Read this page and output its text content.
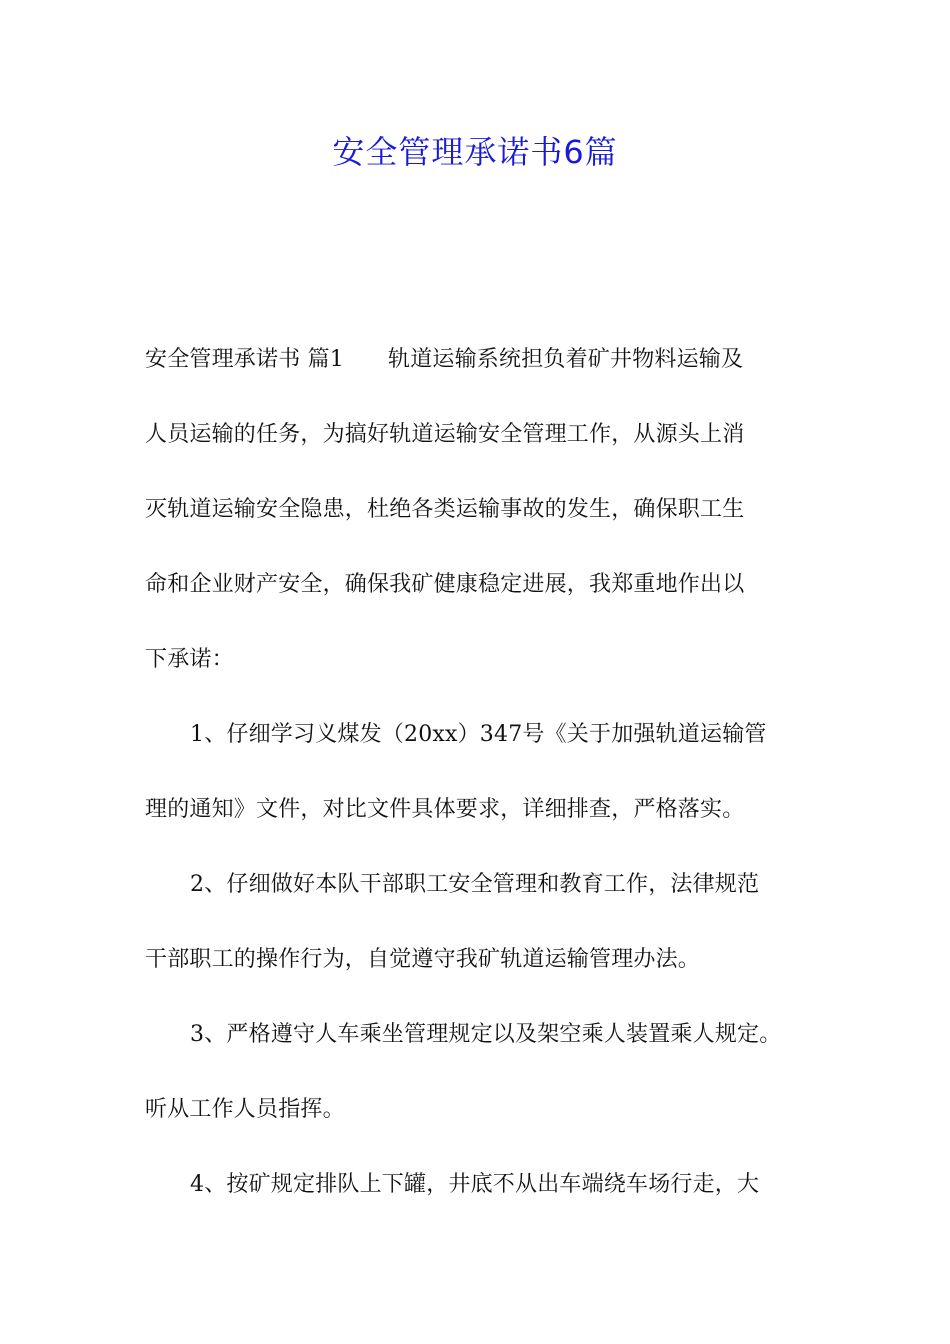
安全管理承诺书6篇
安全管理承诺书 篇1 轨道运输系统担负着矿井物料运输及
人员运输的任务，为搞好轨道运输安全管理工作，从源头上消
灭轨道运输安全隐患，杜绝各类运输事故的发生，确保职工生
命和企业财产安全，确保我矿健康稳定进展，我郑重地作出以
下承诺：
1、仔细学习义煤发（20xx）347号《关于加强轨道运输管
理的通知》文件，对比文件具体要求，详细排查，严格落实。
2、仔细做好本队干部职工安全管理和教育工作，法律规范
干部职工的操作行为，自觉遵守我矿轨道运输管理办法。
3、严格遵守人车乘坐管理规定以及架空乘人装置乘人规定。
听从工作人员指挥。
4、按矿规定排队上下罐，井底不从出车端绕车场行走，大
